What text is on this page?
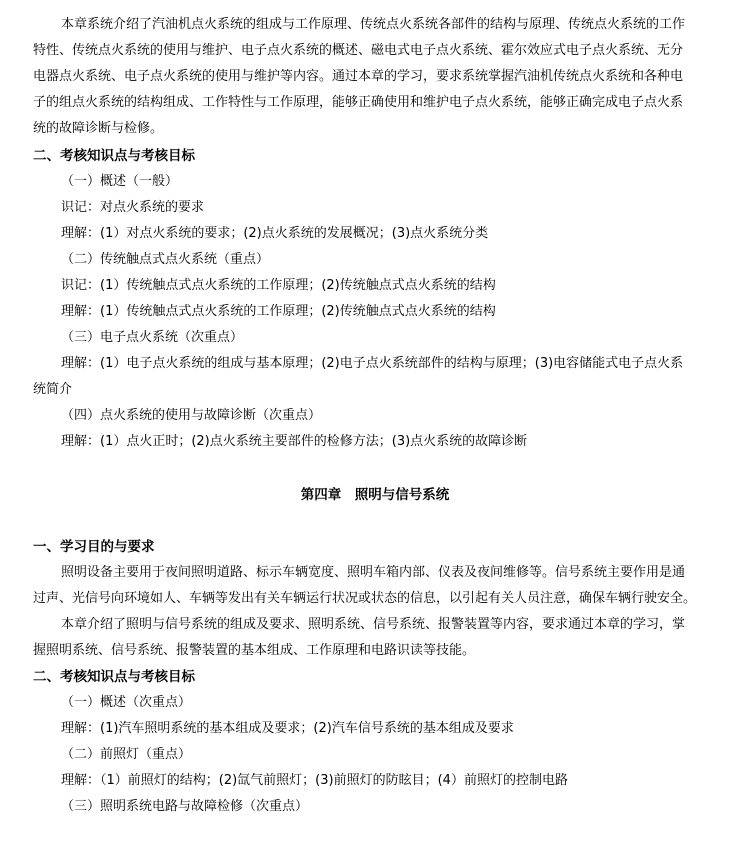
本章系统介绍了汽油机点火系统的组成与工作原理、传统点火系统各部件的结构与原理、传统点火系统的工作
特性、传统点火系统的使用与维护、电子点火系统的概述、磁电式电子点火系统、霍尔效应式电子点火系统、无分
电器点火系统、电子点火系统的使用与维护等内容。通过本章的学习，要求系统掌握汽油机传统点火系统和各种电
子的组点火系统的结构组成、工作特性与工作原理，能够正确使用和维护电子点火系统，能够正确完成电子点火系
统的故障诊断与检修。
二、考核知识点与考核目标
（一）概述（一般）
识记：对点火系统的要求
理解：(1）对点火系统的要求；(2)点火系统的发展概况；(3)点火系统分类
（二）传统触点式点火系统（重点）
识记：(1）传统触点式点火系统的工作原理；(2)传统触点式点火系统的结构
理解：(1）传统触点式点火系统的工作原理；(2)传统触点式点火系统的结构
（三）电子点火系统（次重点）
理解：(1）电子点火系统的组成与基本原理；(2)电子点火系统部件的结构与原理；(3)电容储能式电子点火系
统简介
（四）点火系统的使用与故障诊断（次重点）
理解：(1）点火正时；(2)点火系统主要部件的检修方法；(3)点火系统的故障诊断
第四章　照明与信号系统
一、学习目的与要求
照明设备主要用于夜间照明道路、标示车辆宽度、照明车箱内部、仪表及夜间维修等。信号系统主要作用是通
过声、光信号向环境如人、车辆等发出有关车辆运行状况或状态的信息，以引起有关人员注意，确保车辆行驶安全。
本章介绍了照明与信号系统的组成及要求、照明系统、信号系统、报警装置等内容，要求通过本章的学习，掌
握照明系统、信号系统、报警装置的基本组成、工作原理和电路识读等技能。
二、考核知识点与考核目标
（一）概述（次重点）
理解：(1)汽车照明系统的基本组成及要求；(2)汽车信号系统的基本组成及要求
（二）前照灯（重点）
理解：（1）前照灯的结构；(2)氙气前照灯；(3)前照灯的防眩目；(4）前照灯的控制电路
（三）照明系统电路与故障检修（次重点）
